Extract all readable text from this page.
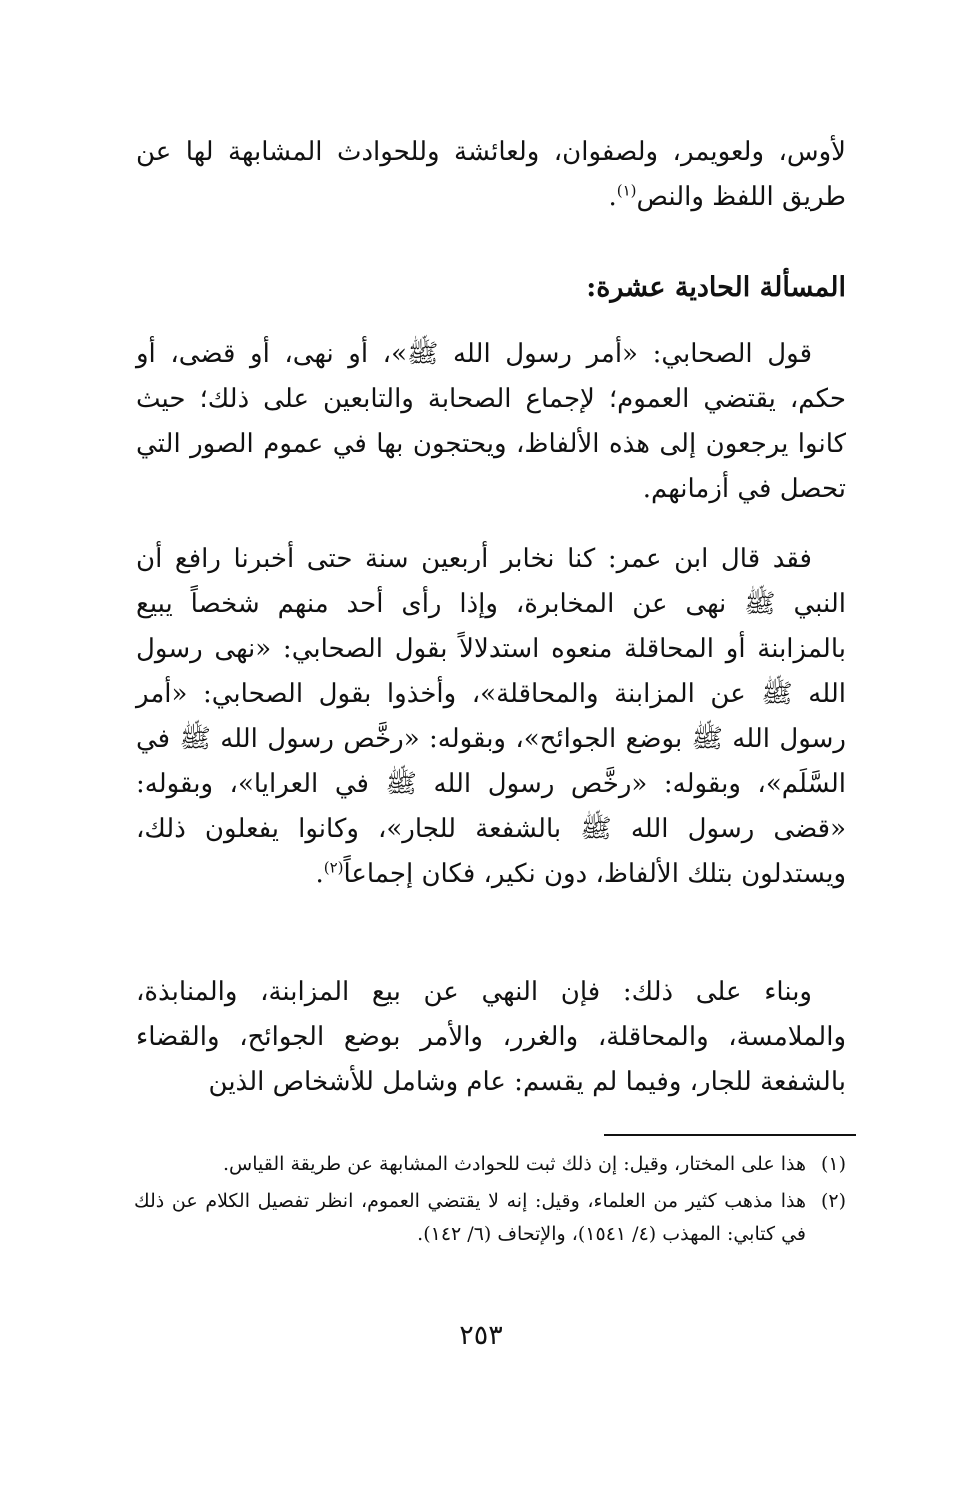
لأوس، ولعويمر، ولصفوان، ولعائشة وللحوادث المشابهة لها عن طريق اللفظ والنص$^{(١)}$.

المسألة الحادية عشرة:

قول الصحابي: «أمر رسول الله ﷺ»، أو نهى، أو قضى، أو حكم، يقتضي العموم؛ لإجماع الصحابة والتابعين على ذلك؛ حيث كانوا يرجعون إلى هذه الألفاظ، ويحتجون بها في عموم الصور التي تحصل في أزمانهم.

فقد قال ابن عمر: كنا نخابر أربعين سنة حتى أخبرنا رافع أن النبي ﷺ نهى عن المخابرة، وإذا رأى أحد منهم شخصاً يبيع بالمزابنة أو المحاقلة منعوه استدلالاً بقول الصحابي: «نهى رسول الله ﷺ عن المزابنة والمحاقلة»، وأخذوا بقول الصحابي: «أمر رسول الله ﷺ بوضع الجوائح»، وبقوله: «رخَّص رسول الله ﷺ في السَّلَم»، وبقوله: «رخَّص رسول الله ﷺ في العرايا»، وبقوله: «قضى رسول الله ﷺ بالشفعة للجار»، وكانوا يفعلون ذلك، ويستدلون بتلك الألفاظ، دون نكير، فكان إجماعاً$^{(٢)}$.

وبناء على ذلك: فإن النهي عن بيع المزابنة، والمنابذة، والملامسة، والمحاقلة، والغرر، والأمر بوضع الجوائح، والقضاء بالشفعة للجار، وفيما لم يقسم: عام وشامل للأشخاص الذين

(١)
هذا على المختار، وقيل: إن ذلك ثبت للحوادث المشابهة عن طريقة القياس.
(٢)
هذا مذهب كثير من العلماء، وقيل: إنه لا يقتضي العموم، انظر تفصيل الكلام عن ذلك في كتابي: المهذب (٤/ ١٥٤١)، والإتحاف (٦/ ١٤٢).
٢٥٣
